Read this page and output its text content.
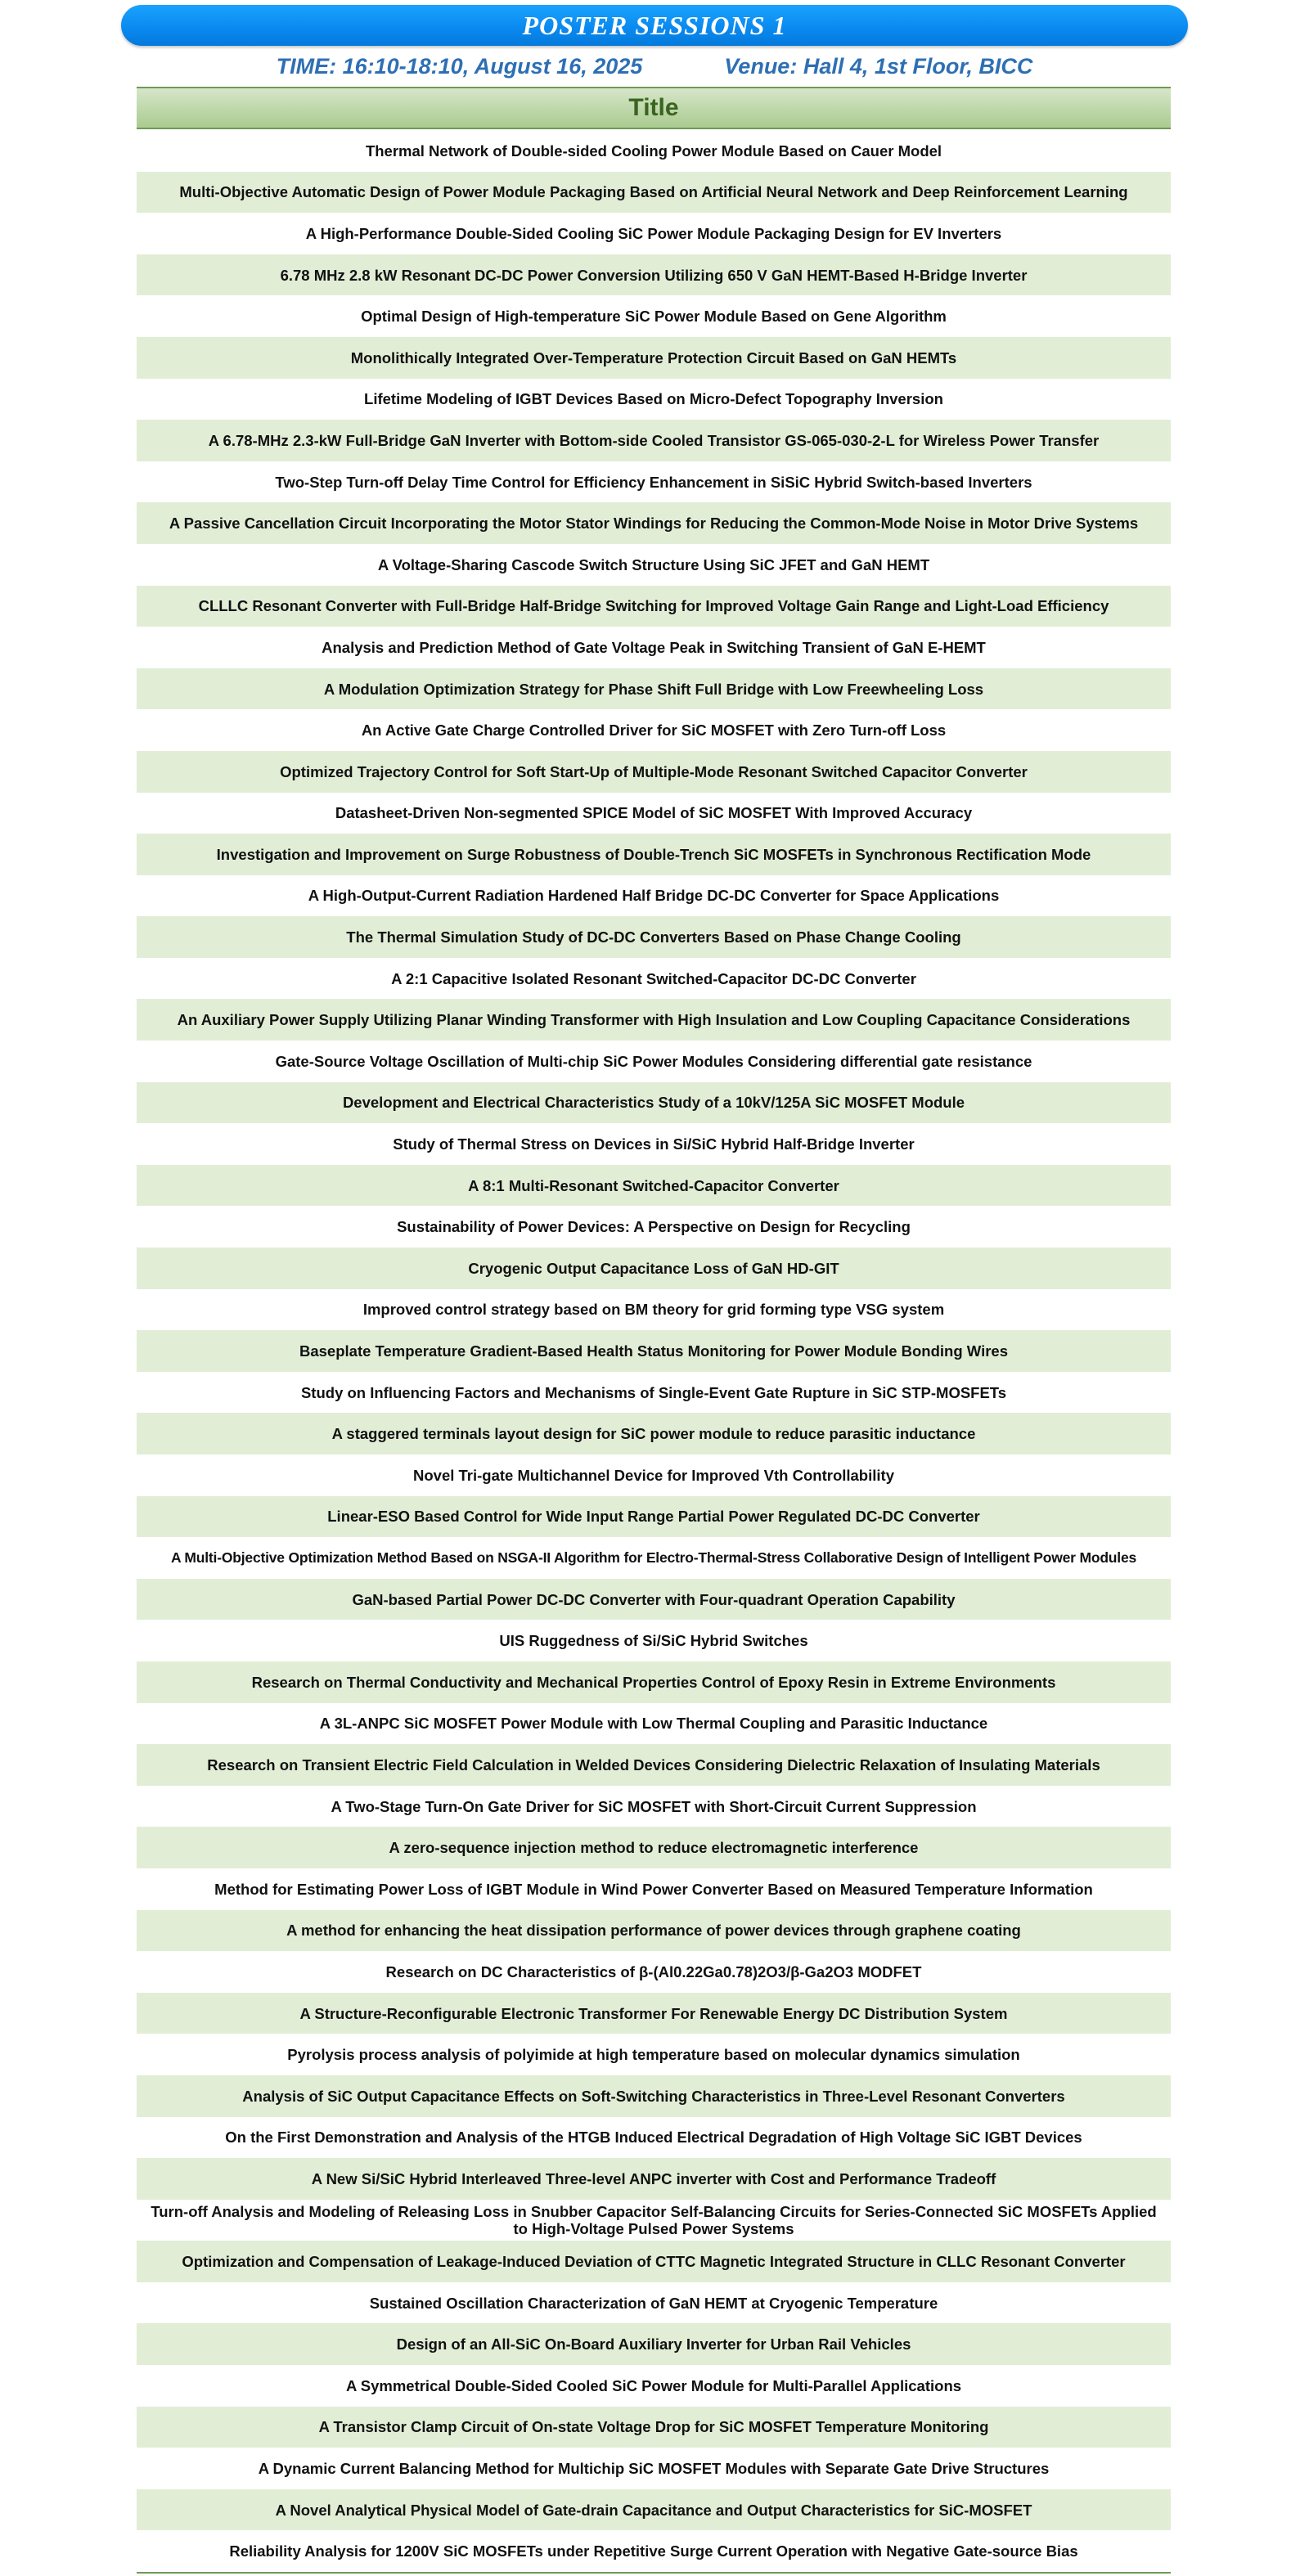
POSTER SESSIONS 1
TIME: 16:10-18:10, August 16, 2025	Venue: Hall 4, 1st Floor, BICC
Title
Thermal Network of Double-sided Cooling Power Module Based on Cauer Model
Multi-Objective Automatic Design of Power Module Packaging Based on Artificial Neural Network and Deep Reinforcement Learning
A High-Performance Double-Sided Cooling SiC Power Module Packaging Design for EV Inverters
6.78 MHz 2.8 kW Resonant DC-DC Power Conversion Utilizing 650 V GaN HEMT-Based H-Bridge Inverter
Optimal Design of High-temperature SiC Power Module Based on Gene Algorithm
Monolithically Integrated Over-Temperature Protection Circuit Based on GaN HEMTs
Lifetime Modeling of IGBT Devices Based on Micro-Defect Topography Inversion
A 6.78-MHz 2.3-kW Full-Bridge GaN Inverter with Bottom-side Cooled Transistor GS-065-030-2-L for Wireless Power Transfer
Two-Step Turn-off Delay Time Control for Efficiency Enhancement in SiSiC Hybrid Switch-based Inverters
A Passive Cancellation Circuit Incorporating the Motor Stator Windings for Reducing the Common-Mode Noise in Motor Drive Systems
A Voltage-Sharing Cascode Switch Structure Using SiC JFET and GaN HEMT
CLLLC Resonant Converter with Full-Bridge Half-Bridge Switching for Improved Voltage Gain Range and Light-Load Efficiency
Analysis and Prediction Method of Gate Voltage Peak in Switching Transient of GaN E-HEMT
A Modulation Optimization Strategy for Phase Shift Full Bridge with Low Freewheeling Loss
An Active Gate Charge Controlled Driver for SiC MOSFET with Zero Turn-off Loss
Optimized Trajectory Control for Soft Start-Up of Multiple-Mode Resonant Switched Capacitor Converter
Datasheet-Driven Non-segmented SPICE Model of SiC MOSFET With Improved Accuracy
Investigation and Improvement on Surge Robustness of Double-Trench SiC MOSFETs in Synchronous Rectification Mode
A High-Output-Current Radiation Hardened Half Bridge DC-DC Converter for Space Applications
The Thermal Simulation Study of DC-DC Converters Based on Phase Change Cooling
A 2:1 Capacitive Isolated Resonant Switched-Capacitor DC-DC Converter
An Auxiliary Power Supply Utilizing Planar Winding Transformer with High Insulation and Low Coupling Capacitance Considerations
Gate-Source Voltage Oscillation of Multi-chip SiC Power Modules Considering differential gate resistance
Development and Electrical Characteristics Study of a 10kV/125A SiC MOSFET Module
Study of Thermal Stress on Devices in Si/SiC Hybrid Half-Bridge Inverter
A 8:1 Multi-Resonant Switched-Capacitor Converter
Sustainability of Power Devices: A Perspective on Design for Recycling
Cryogenic Output Capacitance Loss of GaN HD-GIT
Improved control strategy based on BM theory for grid forming type VSG system
Baseplate Temperature Gradient-Based Health Status Monitoring for Power Module Bonding Wires
Study on Influencing Factors and Mechanisms of Single-Event Gate Rupture in SiC STP-MOSFETs
A staggered terminals layout design for SiC power module to reduce parasitic inductance
Novel Tri-gate Multichannel Device for Improved Vth Controllability
Linear-ESO Based Control for Wide Input Range Partial Power Regulated DC-DC Converter
A Multi-Objective Optimization Method Based on NSGA-II Algorithm for Electro-Thermal-Stress Collaborative Design of Intelligent Power Modules
GaN-based Partial Power DC-DC Converter with Four-quadrant Operation Capability
UIS Ruggedness of Si/SiC Hybrid Switches
Research on Thermal Conductivity and Mechanical Properties Control of Epoxy Resin in Extreme Environments
A 3L-ANPC SiC MOSFET Power Module with Low Thermal Coupling and Parasitic Inductance
Research on Transient Electric Field Calculation in Welded Devices Considering Dielectric Relaxation of Insulating Materials
A Two-Stage Turn-On Gate Driver for SiC MOSFET with Short-Circuit Current Suppression
A zero-sequence injection method to reduce electromagnetic interference
Method for Estimating Power Loss of IGBT Module in Wind Power Converter Based on Measured Temperature Information
A method for enhancing the heat dissipation performance of power devices through graphene coating
Research on DC Characteristics of β-(Al0.22Ga0.78)2O3/β-Ga2O3 MODFET
A Structure-Reconfigurable Electronic Transformer For Renewable Energy DC Distribution System
Pyrolysis process analysis of polyimide at high temperature based on molecular dynamics simulation
Analysis of SiC Output Capacitance Effects on Soft-Switching Characteristics in Three-Level Resonant Converters
On the First Demonstration and Analysis of the HTGB Induced Electrical Degradation of High Voltage SiC IGBT Devices
A New Si/SiC Hybrid Interleaved Three-level ANPC inverter with Cost and Performance Tradeoff
Turn-off Analysis and Modeling of Releasing Loss in Snubber Capacitor Self-Balancing Circuits for Series-Connected SiC MOSFETs Applied to High-Voltage Pulsed Power Systems
Optimization and Compensation of Leakage-Induced Deviation of CTTC Magnetic Integrated Structure in CLLC Resonant Converter
Sustained Oscillation Characterization of GaN HEMT at Cryogenic Temperature
Design of an All-SiC On-Board Auxiliary Inverter for Urban Rail Vehicles
A Symmetrical Double-Sided Cooled SiC Power Module for Multi-Parallel Applications
A Transistor Clamp Circuit of On-state Voltage Drop for SiC MOSFET Temperature Monitoring
A Dynamic Current Balancing Method for Multichip SiC MOSFET Modules with Separate Gate Drive Structures
A Novel Analytical Physical Model of Gate-drain Capacitance and Output Characteristics for SiC-MOSFET
Reliability Analysis for 1200V SiC MOSFETs under Repetitive Surge Current Operation with Negative Gate-source Bias
